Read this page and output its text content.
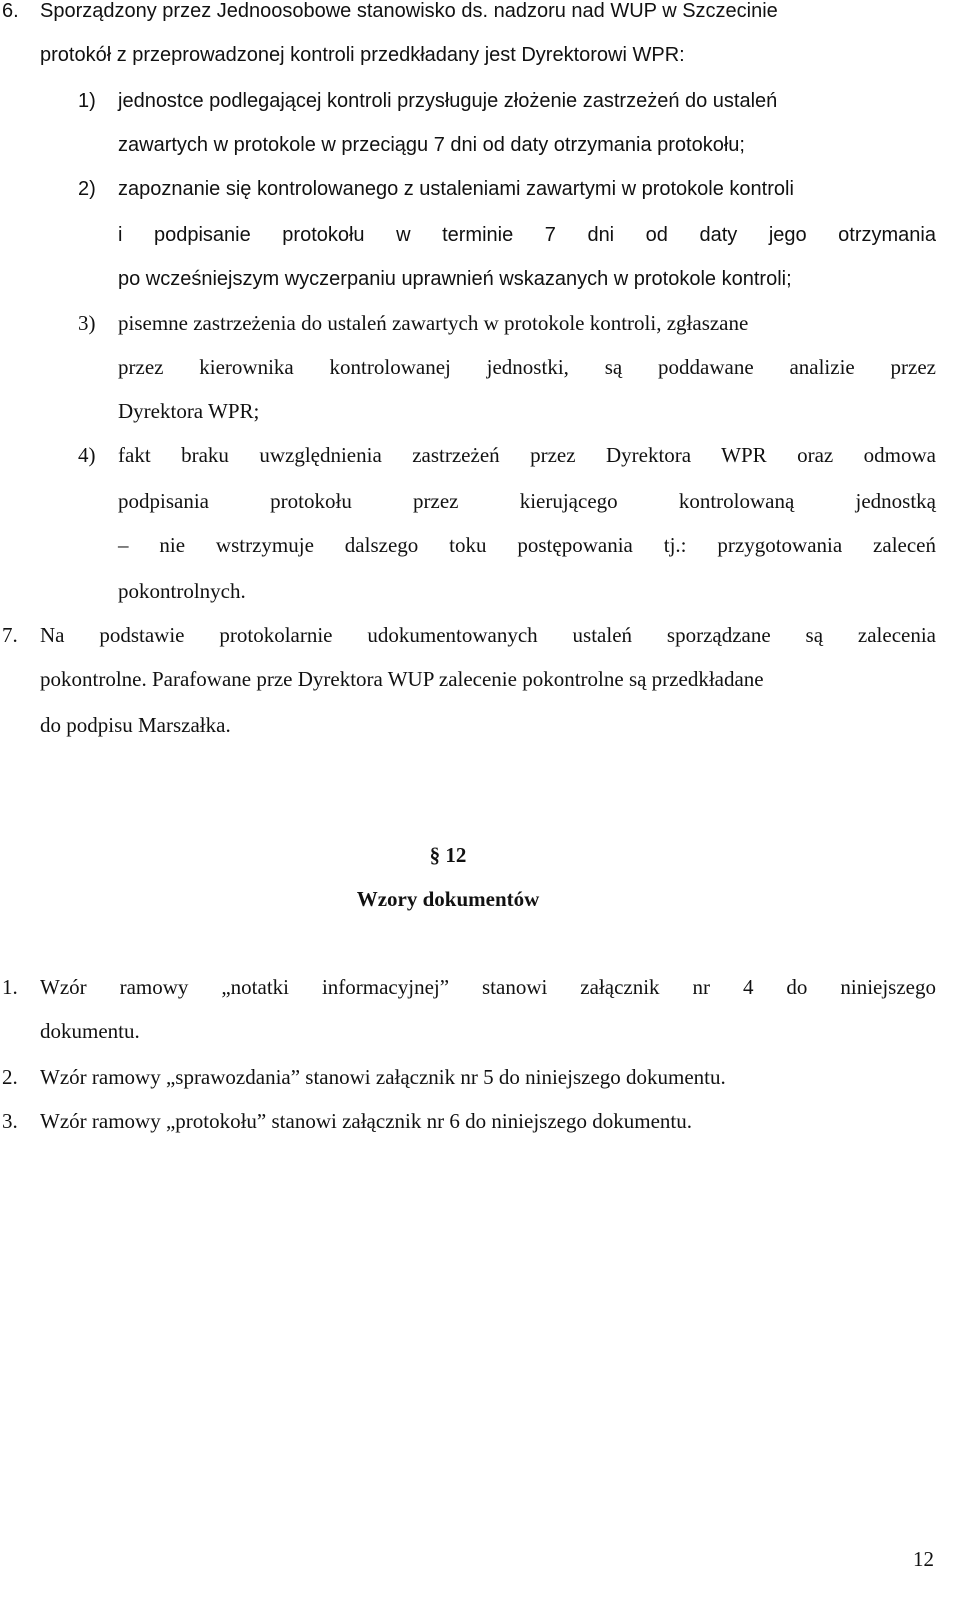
6. Sporządzony przez Jednoosobowe stanowisko ds. nadzoru nad WUP w Szczecinie
protokół z przeprowadzonej kontroli przedkładany jest Dyrektorowi WPR:
1) jednostce podlegającej kontroli przysługuje złożenie zastrzeżeń do ustaleń
zawartych w protokole w przeciągu 7 dni od daty otrzymania protokołu;
2) zapoznanie się kontrolowanego z ustaleniami zawartymi w protokole kontroli
i podpisanie protokołu w terminie 7 dni od daty jego otrzymania
po wcześniejszym wyczerpaniu uprawnień wskazanych w protokole kontroli;
3) pisemne zastrzeżenia do ustaleń zawartych w protokole kontroli, zgłaszane
przez kierownika kontrolowanej jednostki, są poddawane analizie przez
Dyrektora WPR;
4) fakt braku uwzględnienia zastrzeżeń przez Dyrektora WPR oraz odmowa
podpisania protokołu przez kierującego kontrolowaną jednostką
– nie wstrzymuje dalszego toku postępowania tj.: przygotowania zaleceń
pokontrolnych.
7. Na podstawie protokolarnie udokumentowanych ustaleń sporządzane są zalecenia
pokontrolne. Parafowane prze Dyrektora WUP zalecenie pokontrolne są przedkładane
do podpisu Marszałka.
§ 12
Wzory dokumentów
1. Wzór ramowy „notatki informacyjnej” stanowi załącznik nr 4 do niniejszego
dokumentu.
2. Wzór ramowy „sprawozdania” stanowi załącznik nr 5 do niniejszego dokumentu.
3. Wzór ramowy „protokołu” stanowi załącznik nr 6 do niniejszego dokumentu.
12
